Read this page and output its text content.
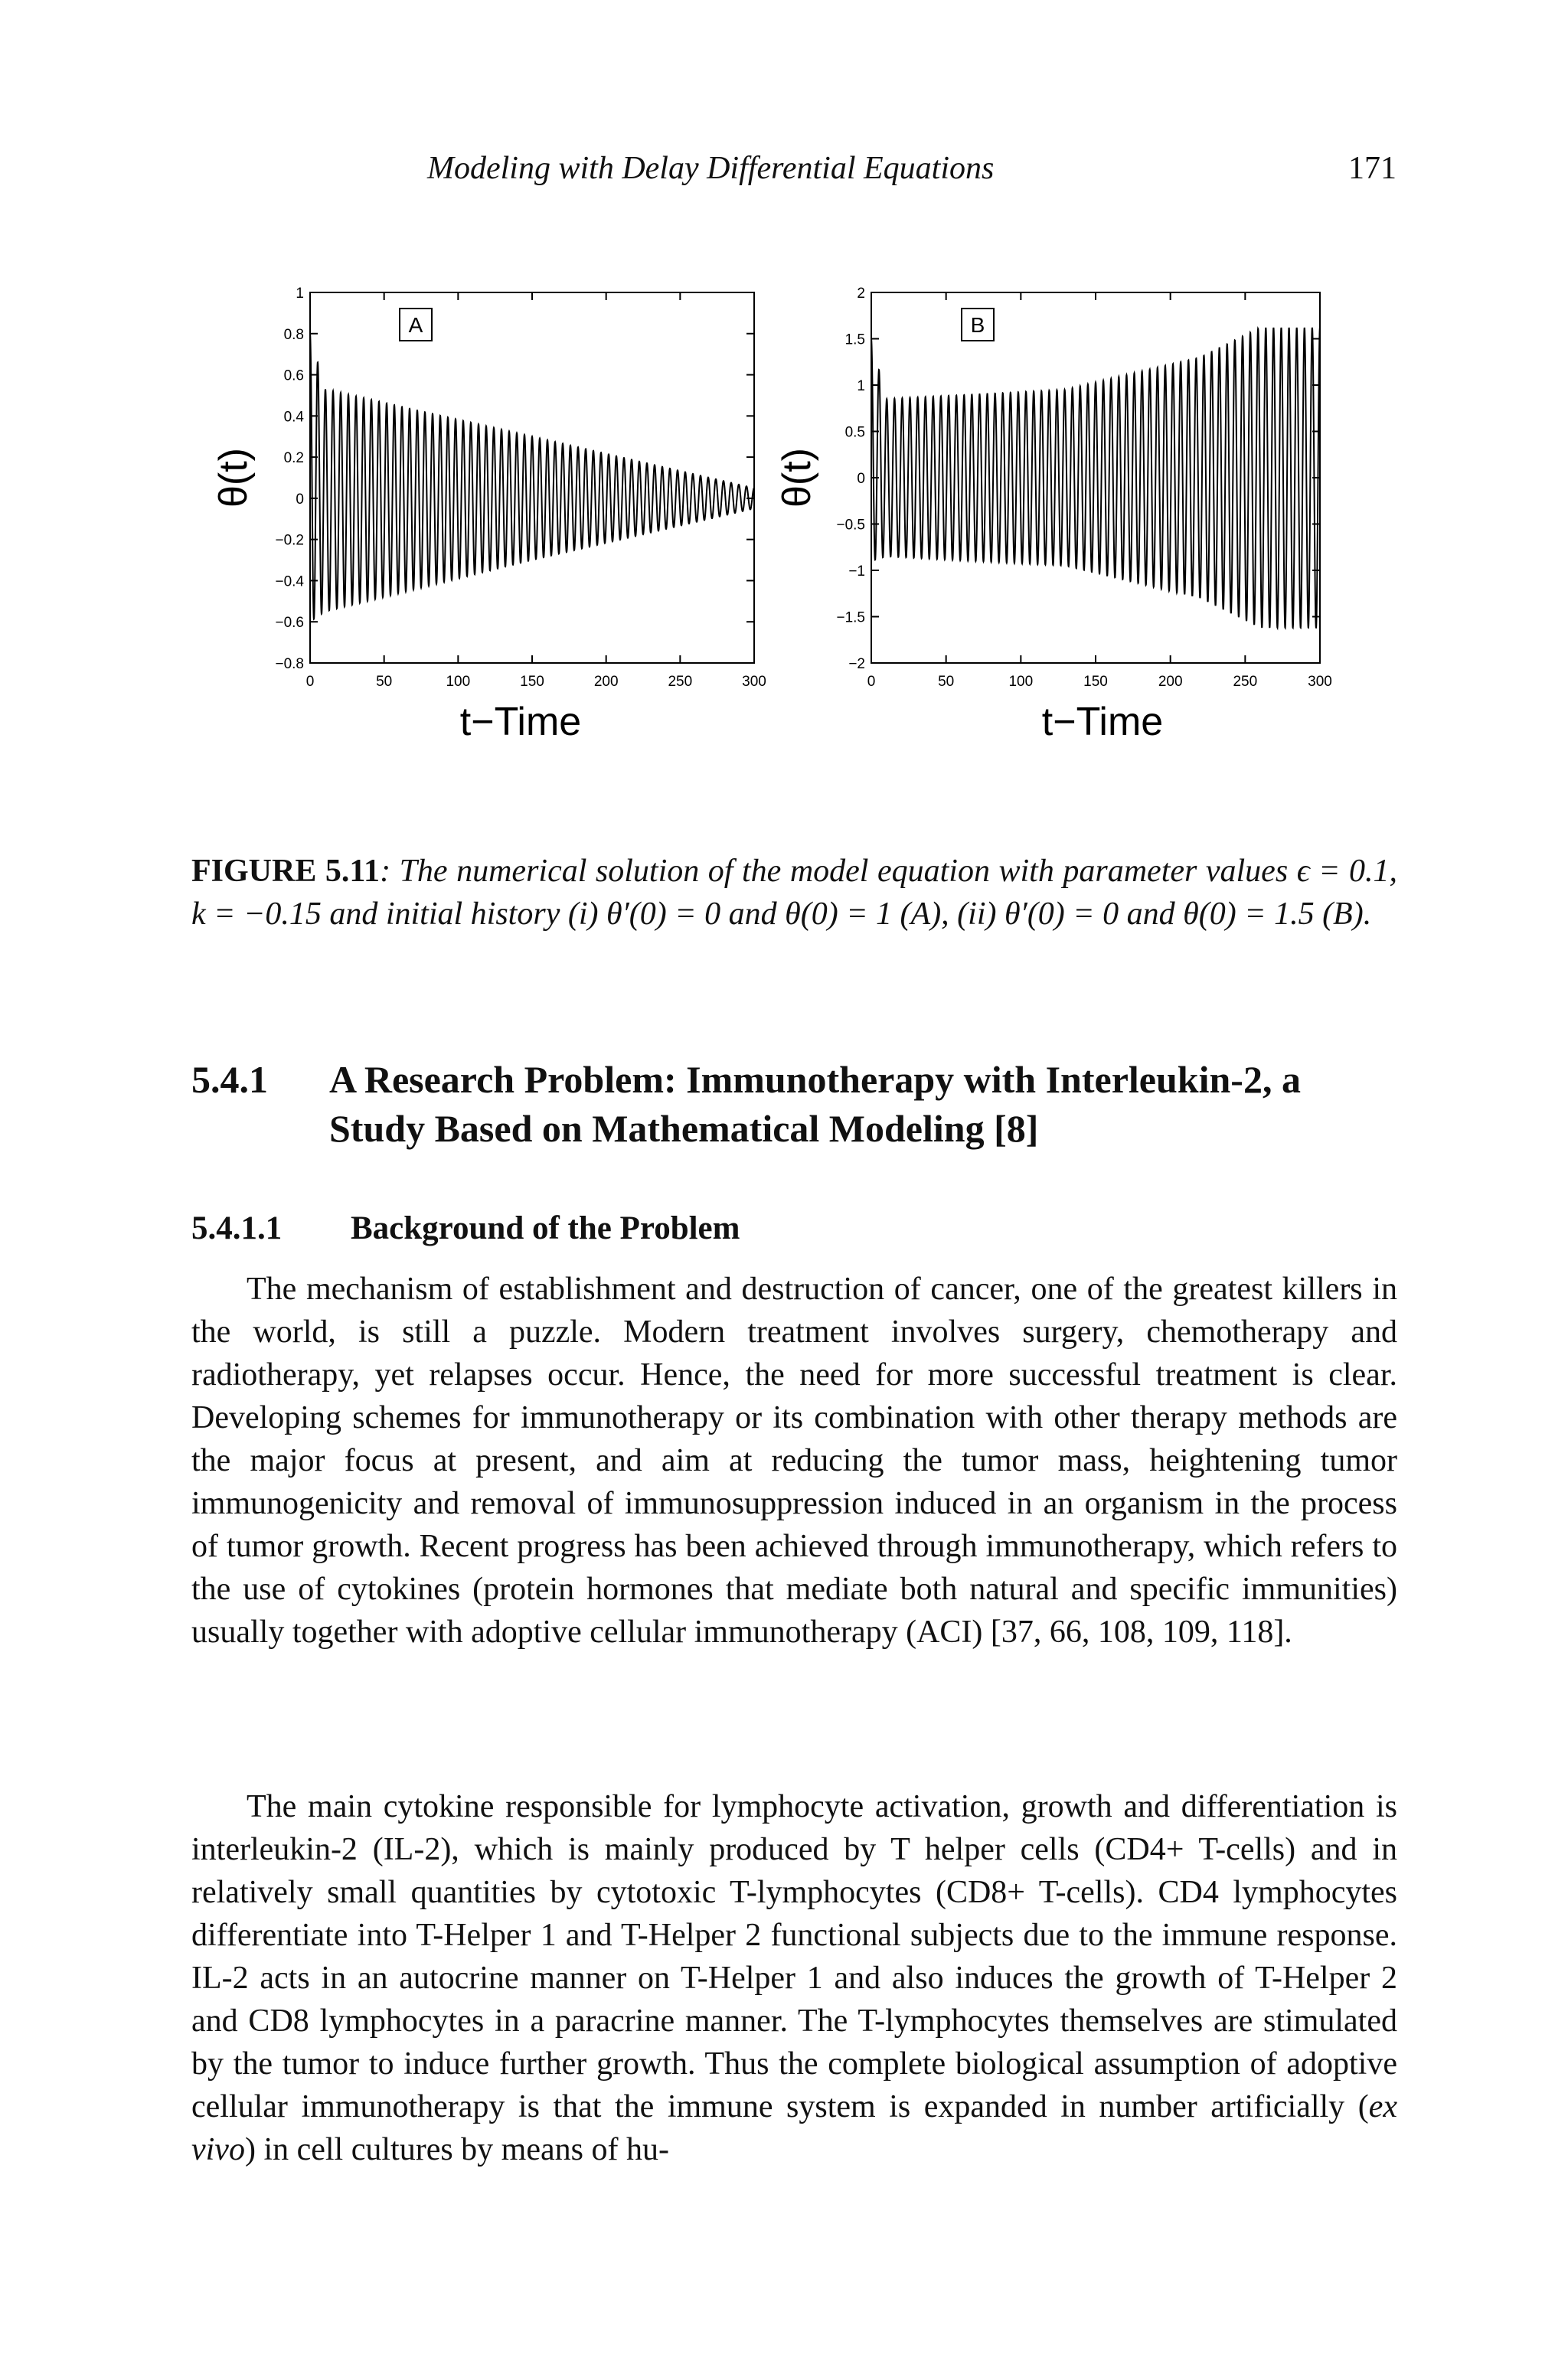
Modeling with Delay Differential Equations	171
0	50	100	150	200	250	300
1
0.8
0.6
0.4
0.2
0
−0.2
−0.4
−0.6
−0.8
A
t−Time
θ(t)
0	50	100	150	200	250	300
2
1.5
1
0.5
0
−0.5
−1
−1.5
−2
B
t−Time
θ(t)
FIGURE 5.11: The numerical solution of the model equation with parameter values ϵ = 0.1, k = −0.15 and initial history (i) θ′(0) = 0 and θ(0) = 1 (A), (ii) θ′(0) = 0 and θ(0) = 1.5 (B).
5.4.1 A Research Problem: Immunotherapy with Interleukin-2, a Study Based on Mathematical Modeling [8]
5.4.1.1 Background of the Problem

The mechanism of establishment and destruction of cancer, one of the greatest killers in the world, is still a puzzle. Modern treatment involves surgery, chemotherapy and radiotherapy, yet relapses occur. Hence, the need for more successful treatment is clear. Developing schemes for immunotherapy or its combination with other therapy methods are the major focus at present, and aim at reducing the tumor mass, heightening tumor immunogenicity and removal of immunosuppression induced in an organism in the process of tumor growth. Recent progress has been achieved through immunotherapy, which refers to the use of cytokines (protein hormones that mediate both natural and specific immunities) usually together with adoptive cellular immunotherapy (ACI) [37, 66, 108, 109, 118].

The main cytokine responsible for lymphocyte activation, growth and differentiation is interleukin-2 (IL-2), which is mainly produced by T helper cells (CD4+ T-cells) and in relatively small quantities by cytotoxic T-lymphocytes (CD8+ T-cells). CD4 lymphocytes differentiate into T-Helper 1 and T-Helper 2 functional subjects due to the immune response. IL-2 acts in an autocrine manner on T-Helper 1 and also induces the growth of T-Helper 2 and CD8 lymphocytes in a paracrine manner. The T-lymphocytes themselves are stimulated by the tumor to induce further growth. Thus the complete biological assumption of adoptive cellular immunotherapy is that the immune system is expanded in number artificially (ex vivo) in cell cultures by means of hu-
